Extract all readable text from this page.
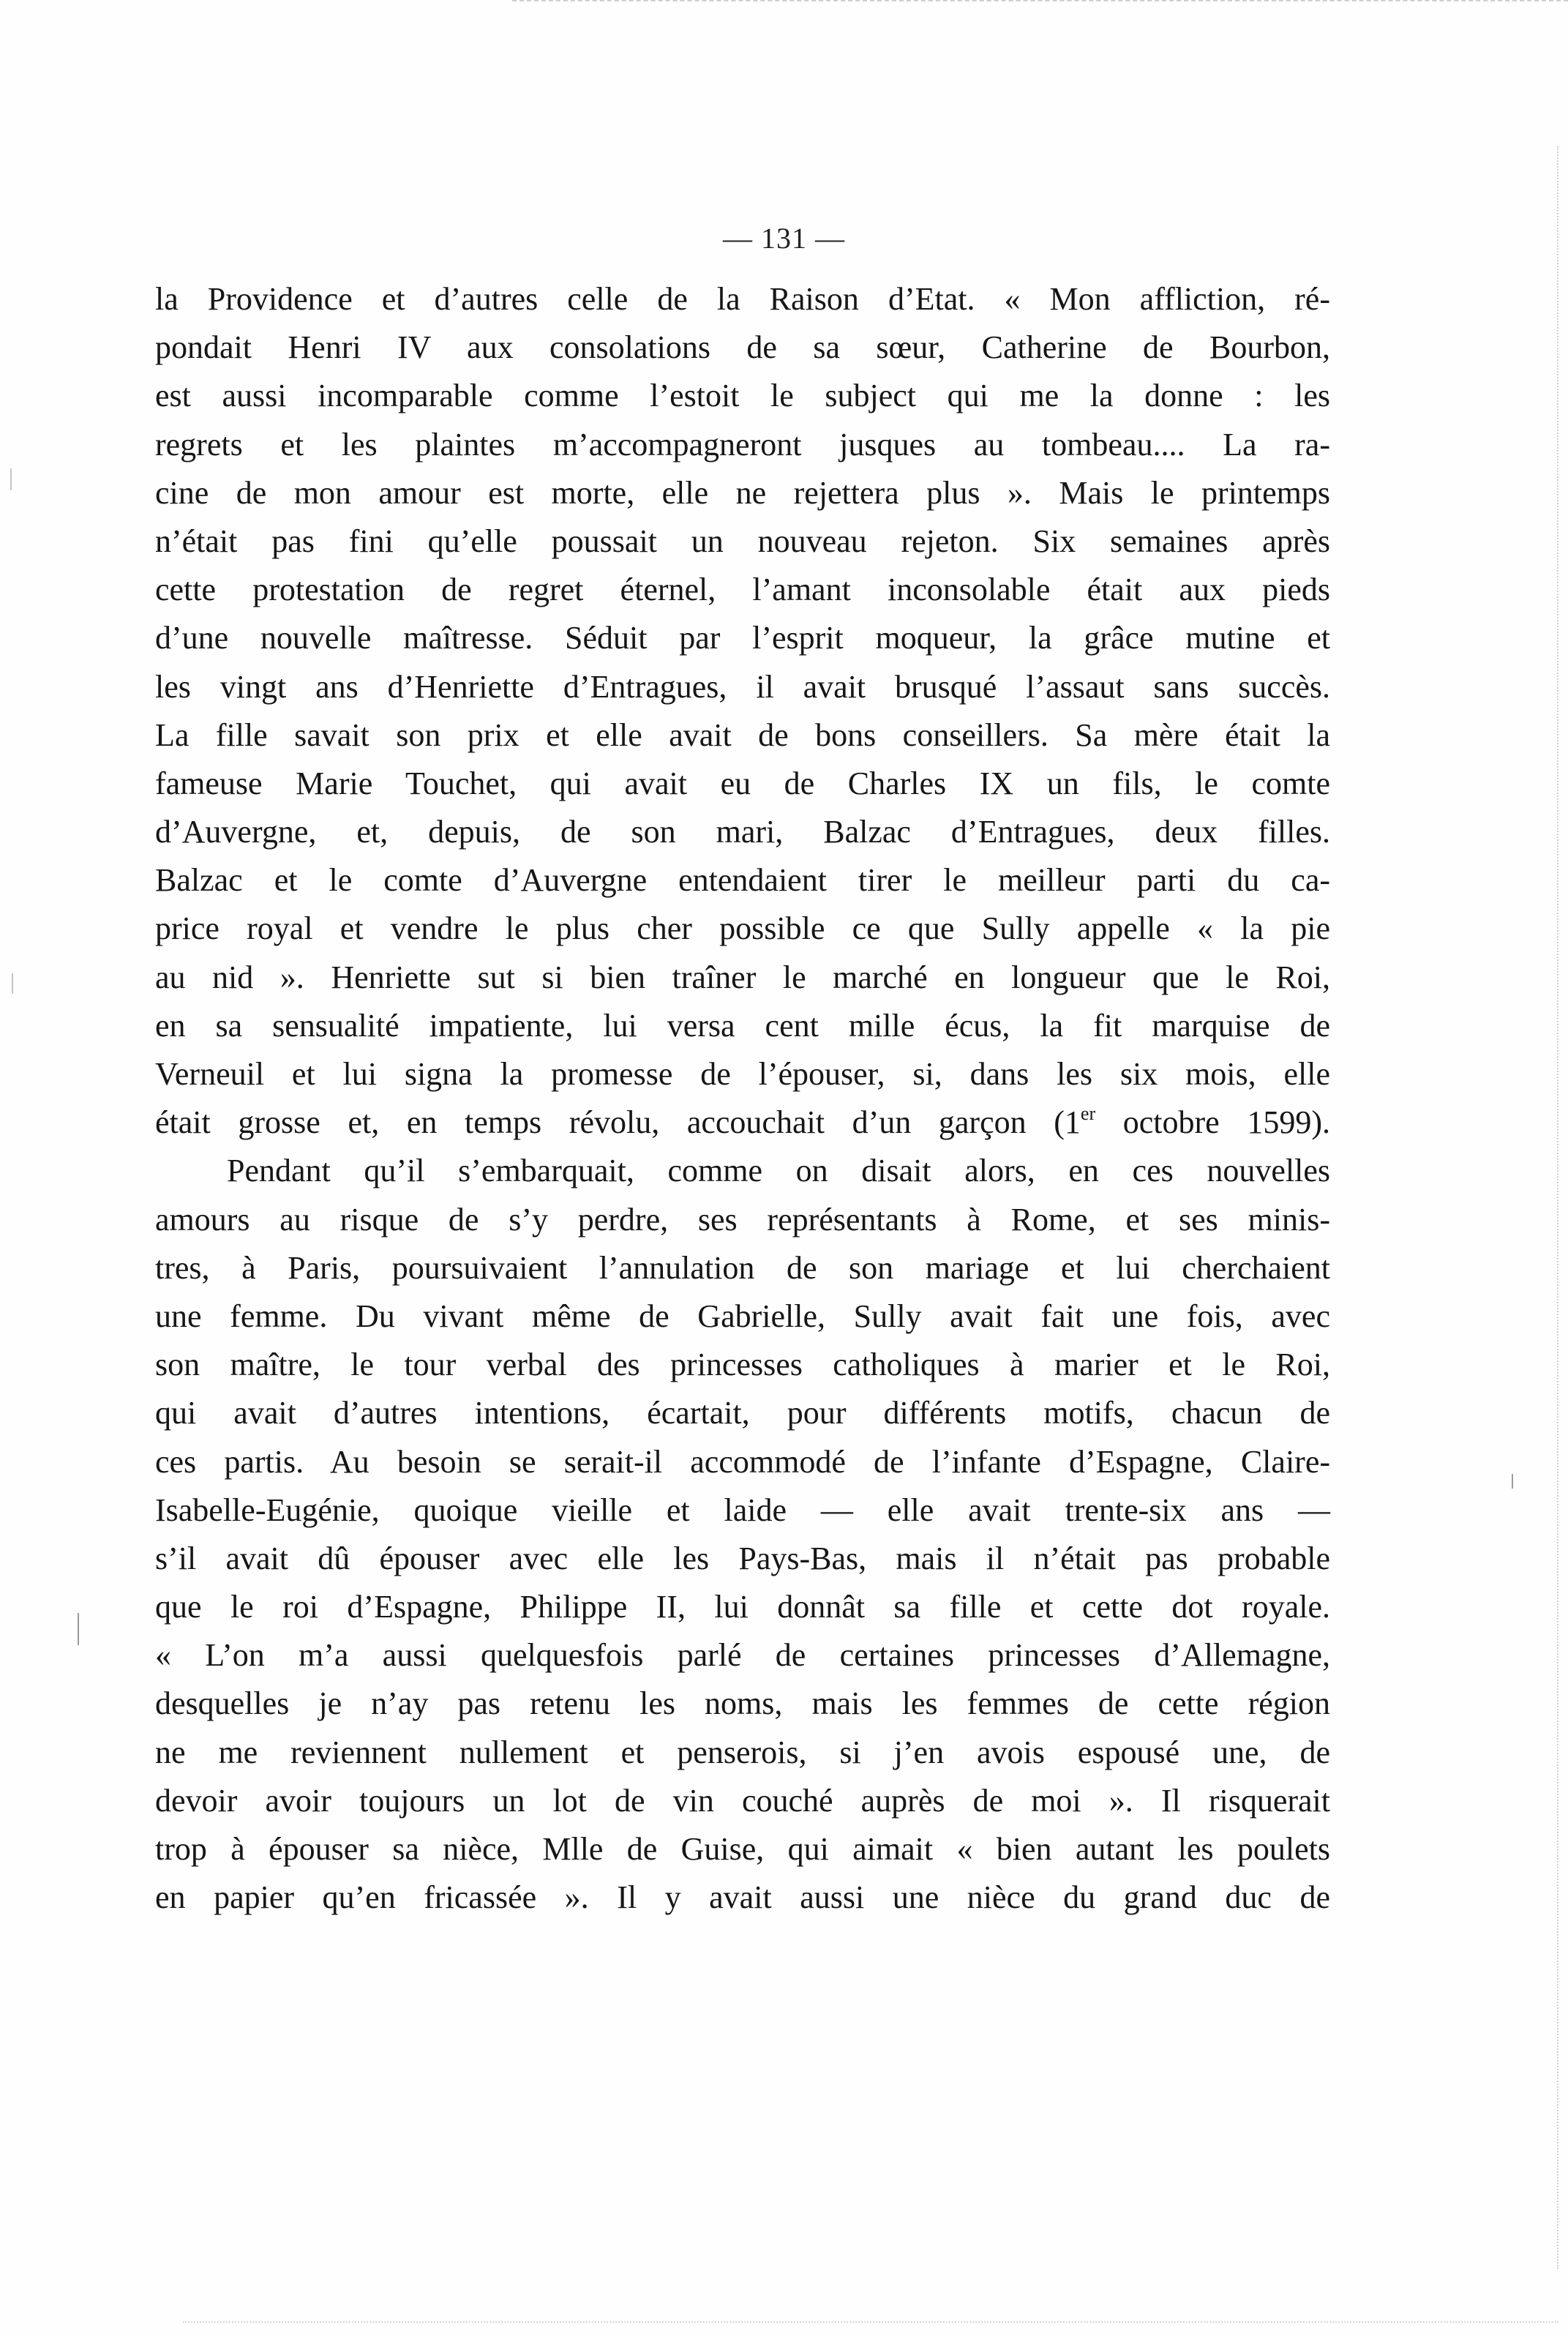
— 131 —
la Providence et d’autres celle de la Raison d’Etat. « Mon affliction, ré-
pondait Henri IV aux consolations de sa sœur, Catherine de Bourbon,
est aussi incomparable comme l’estoit le subject qui me la donne : les
regrets et les plaintes m’accompagneront jusques au tombeau.... La ra-
cine de mon amour est morte, elle ne rejettera plus ». Mais le printemps
n’était pas fini qu’elle poussait un nouveau rejeton. Six semaines après
cette protestation de regret éternel, l’amant inconsolable était aux pieds
d’une nouvelle maîtresse. Séduit par l’esprit moqueur, la grâce mutine et
les vingt ans d’Henriette d’Entragues, il avait brusqué l’assaut sans succès.
La fille savait son prix et elle avait de bons conseillers. Sa mère était la
fameuse Marie Touchet, qui avait eu de Charles IX un fils, le comte
d’Auvergne, et, depuis, de son mari, Balzac d’Entragues, deux filles.
Balzac et le comte d’Auvergne entendaient tirer le meilleur parti du ca-
price royal et vendre le plus cher possible ce que Sully appelle « la pie
au nid ». Henriette sut si bien traîner le marché en longueur que le Roi,
en sa sensualité impatiente, lui versa cent mille écus, la fit marquise de
Verneuil et lui signa la promesse de l’épouser, si, dans les six mois, elle
était grosse et, en temps révolu, accouchait d’un garçon (1er octobre 1599).
Pendant qu’il s’embarquait, comme on disait alors, en ces nouvelles
amours au risque de s’y perdre, ses représentants à Rome, et ses minis-
tres, à Paris, poursuivaient l’annulation de son mariage et lui cherchaient
une femme. Du vivant même de Gabrielle, Sully avait fait une fois, avec
son maître, le tour verbal des princesses catholiques à marier et le Roi,
qui avait d’autres intentions, écartait, pour différents motifs, chacun de
ces partis. Au besoin se serait-il accommodé de l’infante d’Espagne, Claire-
Isabelle-Eugénie, quoique vieille et laide — elle avait trente-six ans —
s’il avait dû épouser avec elle les Pays-Bas, mais il n’était pas probable
que le roi d’Espagne, Philippe II, lui donnât sa fille et cette dot royale.
« L’on m’a aussi quelquesfois parlé de certaines princesses d’Allemagne,
desquelles je n’ay pas retenu les noms, mais les femmes de cette région
ne me reviennent nullement et penserois, si j’en avois espousé une, de
devoir avoir toujours un lot de vin couché auprès de moi ». Il risquerait
trop à épouser sa nièce, Mlle de Guise, qui aimait « bien autant les poulets
en papier qu’en fricassée ». Il y avait aussi une nièce du grand duc de
